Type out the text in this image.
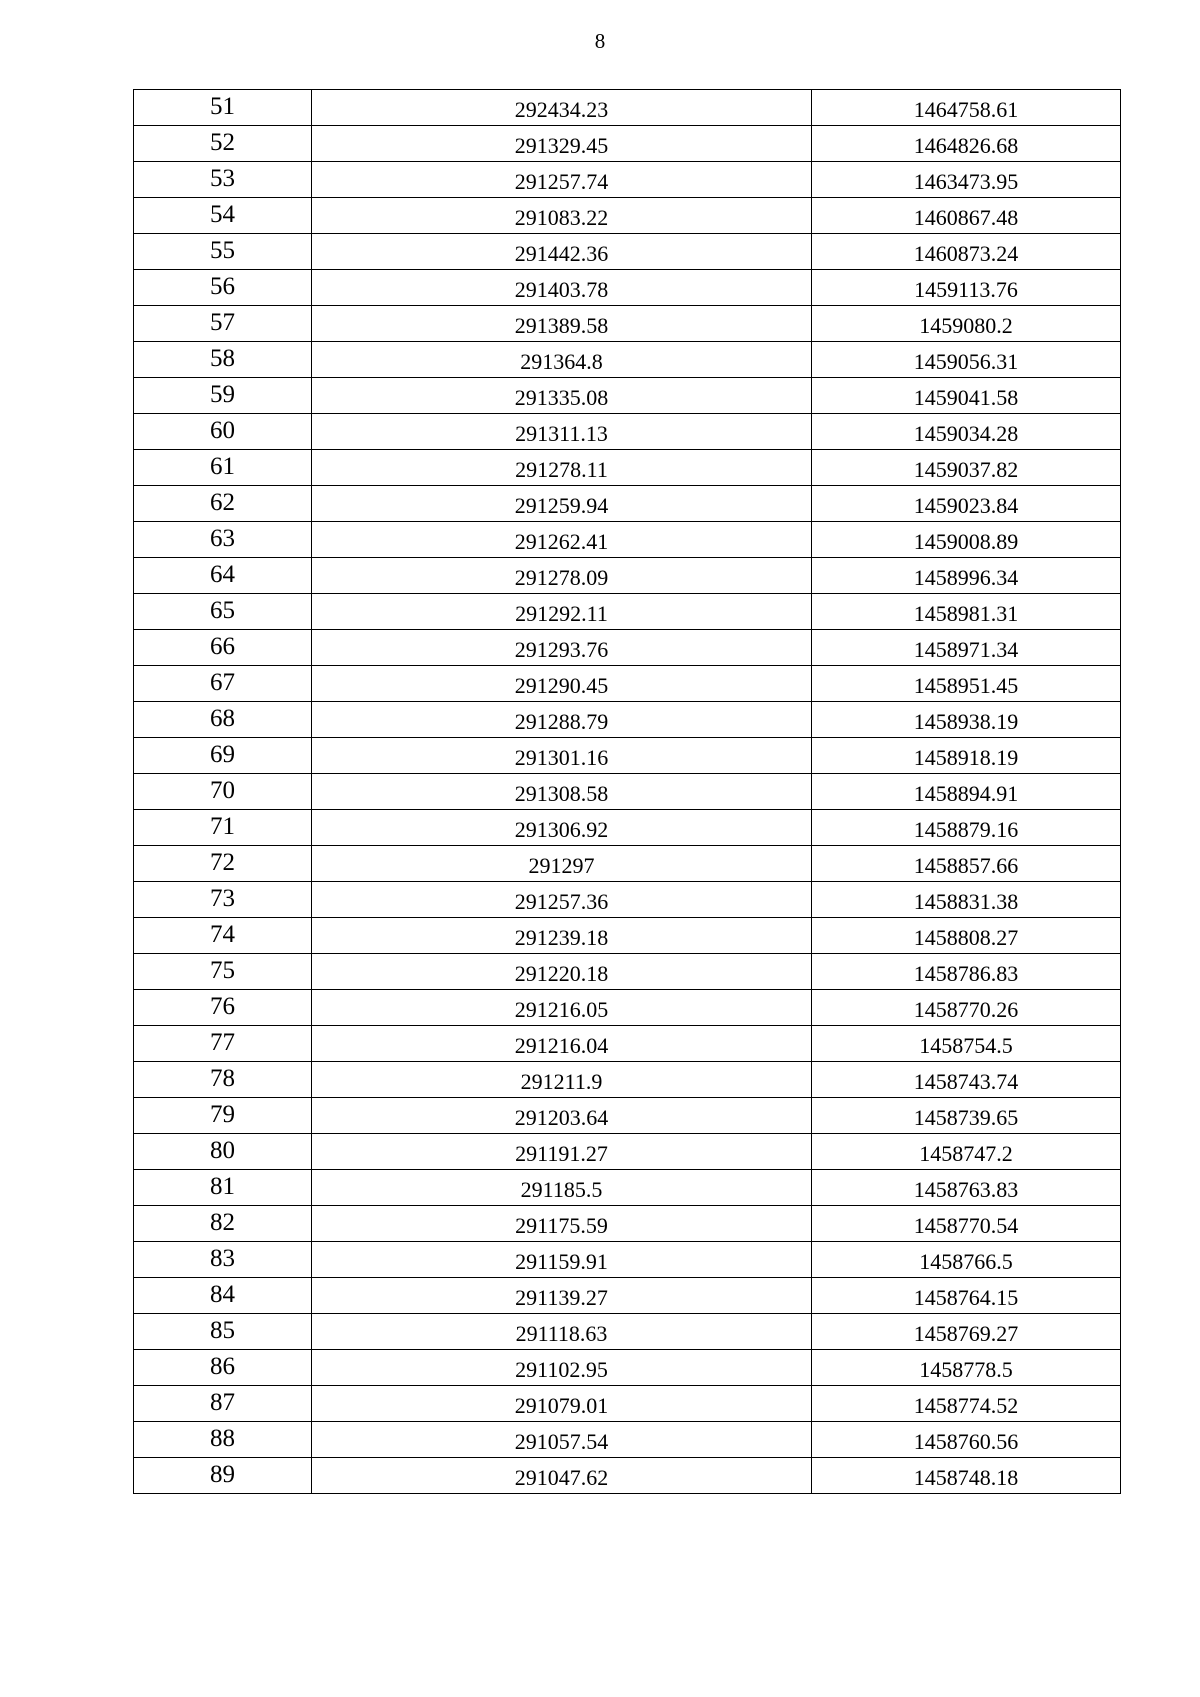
8
51	292434.23	1464758.61
52	291329.45	1464826.68
53	291257.74	1463473.95
54	291083.22	1460867.48
55	291442.36	1460873.24
56	291403.78	1459113.76
57	291389.58	1459080.2
58	291364.8	1459056.31
59	291335.08	1459041.58
60	291311.13	1459034.28
61	291278.11	1459037.82
62	291259.94	1459023.84
63	291262.41	1459008.89
64	291278.09	1458996.34
65	291292.11	1458981.31
66	291293.76	1458971.34
67	291290.45	1458951.45
68	291288.79	1458938.19
69	291301.16	1458918.19
70	291308.58	1458894.91
71	291306.92	1458879.16
72	291297	1458857.66
73	291257.36	1458831.38
74	291239.18	1458808.27
75	291220.18	1458786.83
76	291216.05	1458770.26
77	291216.04	1458754.5
78	291211.9	1458743.74
79	291203.64	1458739.65
80	291191.27	1458747.2
81	291185.5	1458763.83
82	291175.59	1458770.54
83	291159.91	1458766.5
84	291139.27	1458764.15
85	291118.63	1458769.27
86	291102.95	1458778.5
87	291079.01	1458774.52
88	291057.54	1458760.56
89	291047.62	1458748.18
